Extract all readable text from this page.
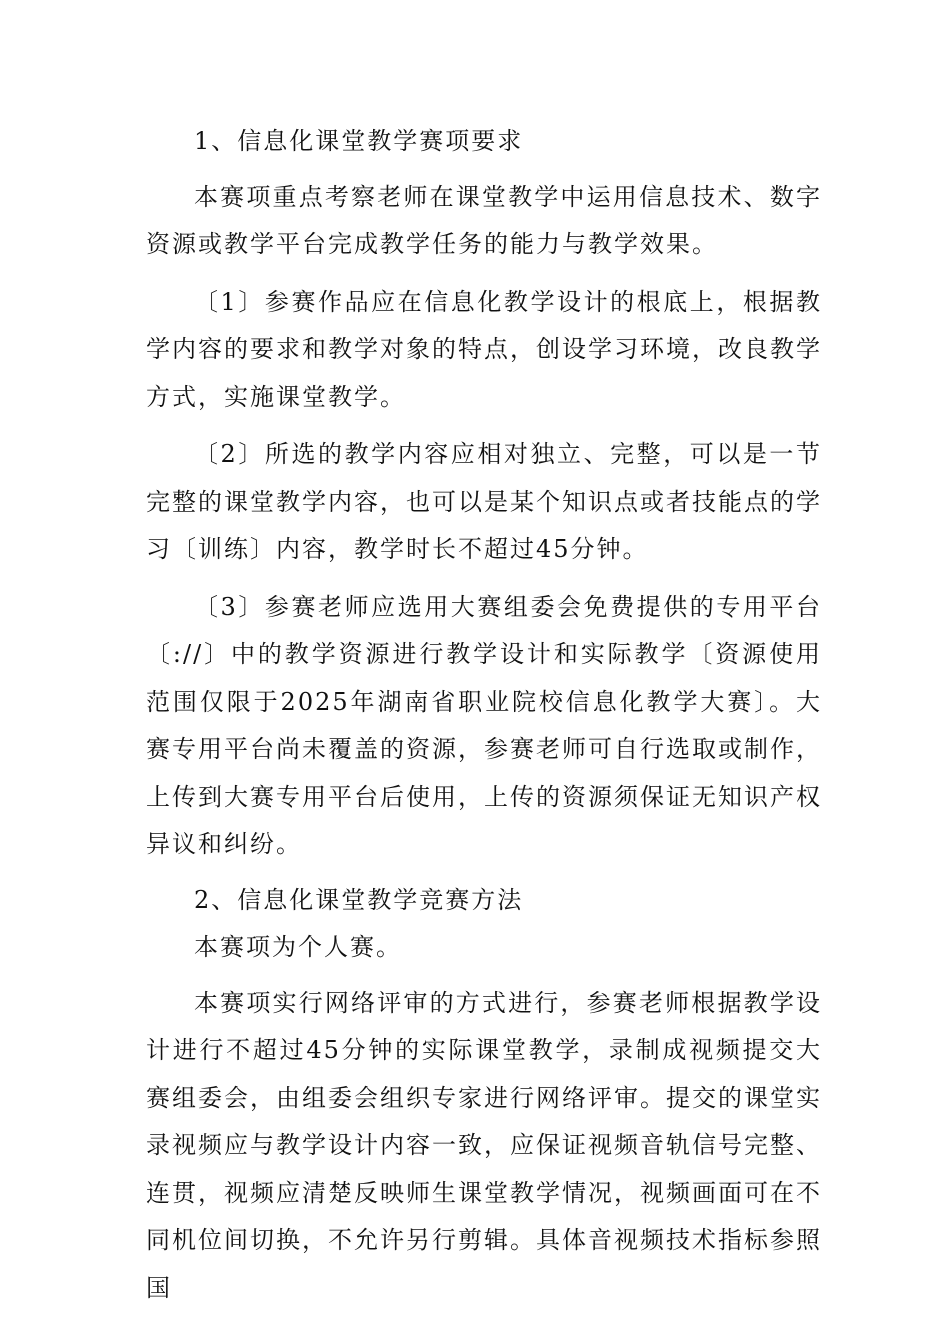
1、信息化课堂教学赛项要求

本赛项重点考察老师在课堂教学中运用信息技术、数字资源或教学平台完成教学任务的能力与教学效果。

〔1〕参赛作品应在信息化教学设计的根底上，根据教学内容的要求和教学对象的特点，创设学习环境，改良教学方式，实施课堂教学。

〔2〕所选的教学内容应相对独立、完整，可以是一节完整的课堂教学内容，也可以是某个知识点或者技能点的学习〔训练〕内容，教学时长不超过45分钟。

〔3〕参赛老师应选用大赛组委会免费提供的专用平台〔://〕中的教学资源进行教学设计和实际教学〔资源使用范围仅限于2025年湖南省职业院校信息化教学大赛〕。大赛专用平台尚未覆盖的资源，参赛老师可自行选取或制作，上传到大赛专用平台后使用，上传的资源须保证无知识产权异议和纠纷。

2、信息化课堂教学竞赛方法

本赛项为个人赛。

本赛项实行网络评审的方式进行，参赛老师根据教学设计进行不超过45分钟的实际课堂教学，录制成视频提交大赛组委会，由组委会组织专家进行网络评审。提交的课堂实录视频应与教学设计内容一致，应保证视频音轨信号完整、连贯，视频应清楚反映师生课堂教学情况，视频画面可在不同机位间切换，不允许另行剪辑。具体音视频技术指标参照国
